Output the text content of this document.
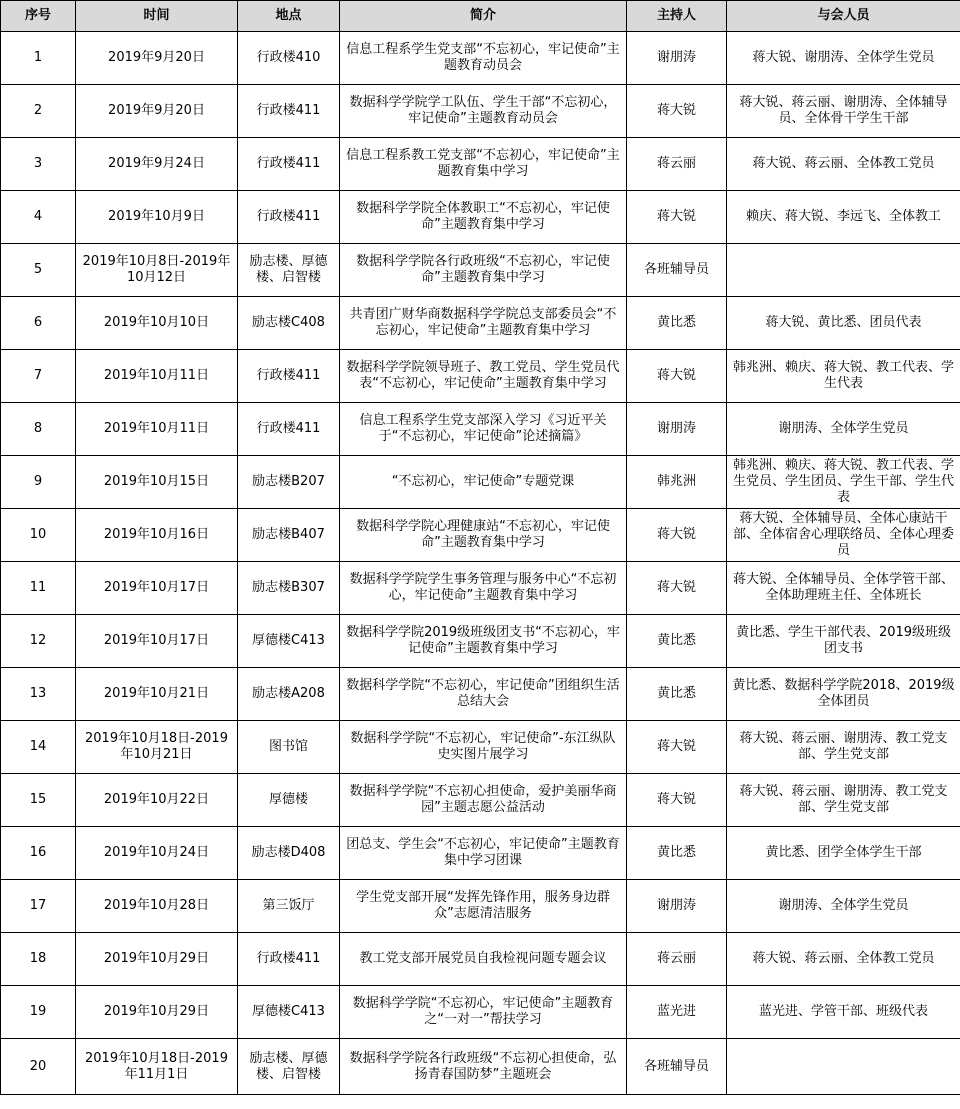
序号	时间	地点	简介	主持人	与会人员
1	2019年9月20日	行政楼410	信息工程系学生党支部“不忘初心，牢记使命”主题教育动员会	谢朋涛	蒋大锐、谢朋涛、全体学生党员
2	2019年9月20日	行政楼411	数据科学学院学工队伍、学生干部“不忘初心，牢记使命”主题教育动员会	蒋大锐	蒋大锐、蒋云丽、谢朋涛、全体辅导员、全体骨干学生干部
3	2019年9月24日	行政楼411	信息工程系教工党支部“不忘初心，牢记使命”主题教育集中学习	蒋云丽	蒋大锐、蒋云丽、全体教工党员
4	2019年10月9日	行政楼411	数据科学学院全体教职工“不忘初心，牢记使命”主题教育集中学习	蒋大锐	赖庆、蒋大锐、李远飞、全体教工
5	2019年10月8日-2019年10月12日	励志楼、厚德楼、启智楼	数据科学学院各行政班级“不忘初心，牢记使命”主题教育集中学习	各班辅导员	
6	2019年10月10日	励志楼C408	共青团广财华商数据科学学院总支部委员会“不忘初心，牢记使命”主题教育集中学习	黄比悉	蒋大锐、黄比悉、团员代表
7	2019年10月11日	行政楼411	数据科学学院领导班子、教工党员、学生党员代表“不忘初心，牢记使命”主题教育集中学习	蒋大锐	韩兆洲、赖庆、蒋大锐、教工代表、学生代表
8	2019年10月11日	行政楼411	信息工程系学生党支部深入学习《习近平关于“不忘初心，牢记使命”论述摘篇》	谢朋涛	谢朋涛、全体学生党员
9	2019年10月15日	励志楼B207	“不忘初心，牢记使命”专题党课	韩兆洲	韩兆洲、赖庆、蒋大锐、教工代表、学生党员、学生团员、学生干部、学生代表
10	2019年10月16日	励志楼B407	数据科学学院心理健康站“不忘初心，牢记使命”主题教育集中学习	蒋大锐	蒋大锐、全体辅导员、全体心康站干部、全体宿舍心理联络员、全体心理委员
11	2019年10月17日	励志楼B307	数据科学学院学生事务管理与服务中心“不忘初心，牢记使命”主题教育集中学习	蒋大锐	蒋大锐、全体辅导员、全体学管干部、全体助理班主任、全体班长
12	2019年10月17日	厚德楼C413	数据科学学院2019级班级团支书“不忘初心，牢记使命”主题教育集中学习	黄比悉	黄比悉、学生干部代表、2019级班级团支书
13	2019年10月21日	励志楼A208	数据科学学院“不忘初心，牢记使命”团组织生活总结大会	黄比悉	黄比悉、数据科学学院2018、2019级全体团员
14	2019年10月18日-2019年10月21日	图书馆	数据科学学院“不忘初心，牢记使命”-东江纵队史实图片展学习	蒋大锐	蒋大锐、蒋云丽、谢朋涛、教工党支部、学生党支部
15	2019年10月22日	厚德楼	数据科学学院“不忘初心担使命，爱护美丽华商园”主题志愿公益活动	蒋大锐	蒋大锐、蒋云丽、谢朋涛、教工党支部、学生党支部
16	2019年10月24日	励志楼D408	团总支、学生会“不忘初心，牢记使命”主题教育集中学习团课	黄比悉	黄比悉、团学全体学生干部
17	2019年10月28日	第三饭厅	学生党支部开展“发挥先锋作用，服务身边群众”志愿清洁服务	谢朋涛	谢朋涛、全体学生党员
18	2019年10月29日	行政楼411	教工党支部开展党员自我检视问题专题会议	蒋云丽	蒋大锐、蒋云丽、全体教工党员
19	2019年10月29日	厚德楼C413	数据科学学院“不忘初心，牢记使命”主题教育之“一对一”帮扶学习	蓝光进	蓝光进、学管干部、班级代表
20	2019年10月18日-2019年11月1日	励志楼、厚德楼、启智楼	数据科学学院各行政班级“不忘初心担使命，弘扬青春国防梦”主题班会	各班辅导员	
